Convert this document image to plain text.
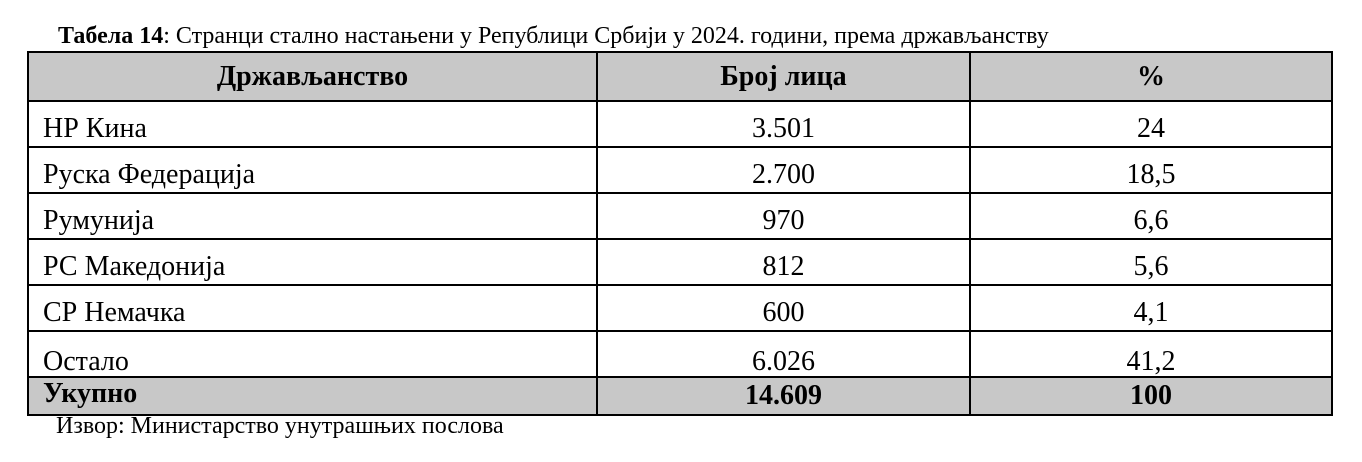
Табела 14: Странци стално настањени у Републици Србији у 2024. години, према држављанству
Држављанство	Број лица	%
НР Кина	3.501	24
Руска Федерација	2.700	18,5
Румунија	970	6,6
РС Македонија	812	5,6
СР Немачка	600	4,1
Остало	6.026	41,2
Укупно	14.609	100
Извор: Министарство унутрашњих послова
